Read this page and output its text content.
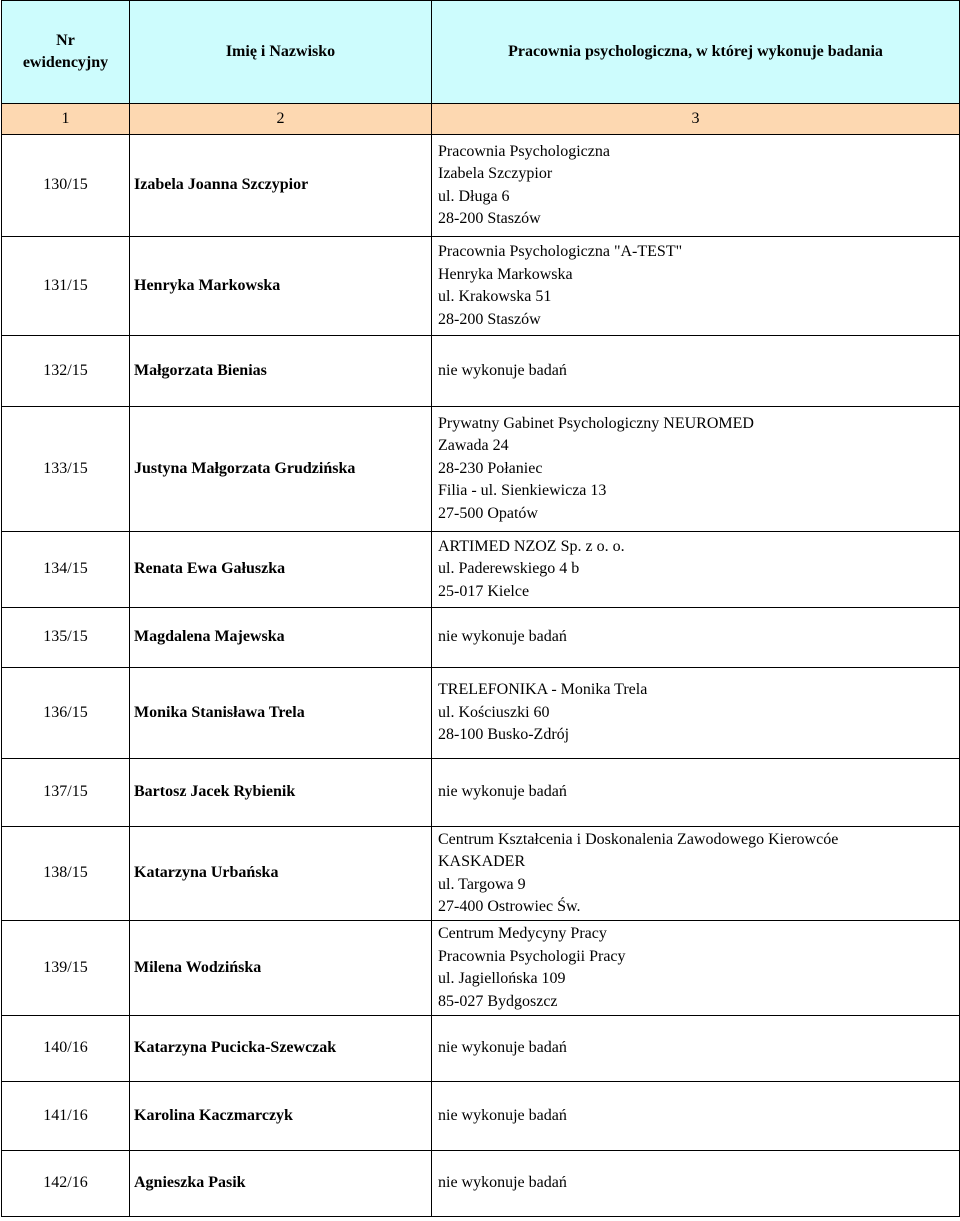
Nr
ewidencyjny	Imię i Nazwisko	Pracownia psychologiczna, w której wykonuje badania
1	2	3
130/15	Izabela Joanna Szczypior	Pracownia Psychologiczna
Izabela Szczypior
ul. Długa 6
28-200 Staszów

131/15	Henryka Markowska	Pracownia Psychologiczna "A-TEST"
Henryka Markowska
ul. Krakowska 51
28-200 Staszów

132/15	Małgorzata Bienias	nie wykonuje badań

133/15	Justyna Małgorzata Grudzińska	Prywatny Gabinet Psychologiczny NEUROMED
Zawada 24
28-230 Połaniec
Filia - ul. Sienkiewicza 13
27-500 Opatów

134/15	Renata Ewa Gałuszka	ARTIMED NZOZ Sp. z o. o.
ul. Paderewskiego 4 b
25-017 Kielce

135/15	Magdalena Majewska	nie wykonuje badań

136/15	Monika Stanisława Trela	TRELEFONIKA - Monika Trela
ul. Kościuszki 60
28-100 Busko-Zdrój

137/15	Bartosz Jacek Rybienik	nie wykonuje badań

138/15	Katarzyna Urbańska	Centrum Kształcenia i Doskonalenia Zawodowego Kierowcóe
KASKADER
ul. Targowa 9
27-400 Ostrowiec Św.

139/15	Milena Wodzińska	Centrum Medycyny Pracy
Pracownia Psychologii Pracy
ul. Jagiellońska 109
85-027 Bydgoszcz

140/16	Katarzyna Pucicka-Szewczak	nie wykonuje badań

141/16	Karolina Kaczmarczyk	nie wykonuje badań

142/16	Agnieszka Pasik	nie wykonuje badań
